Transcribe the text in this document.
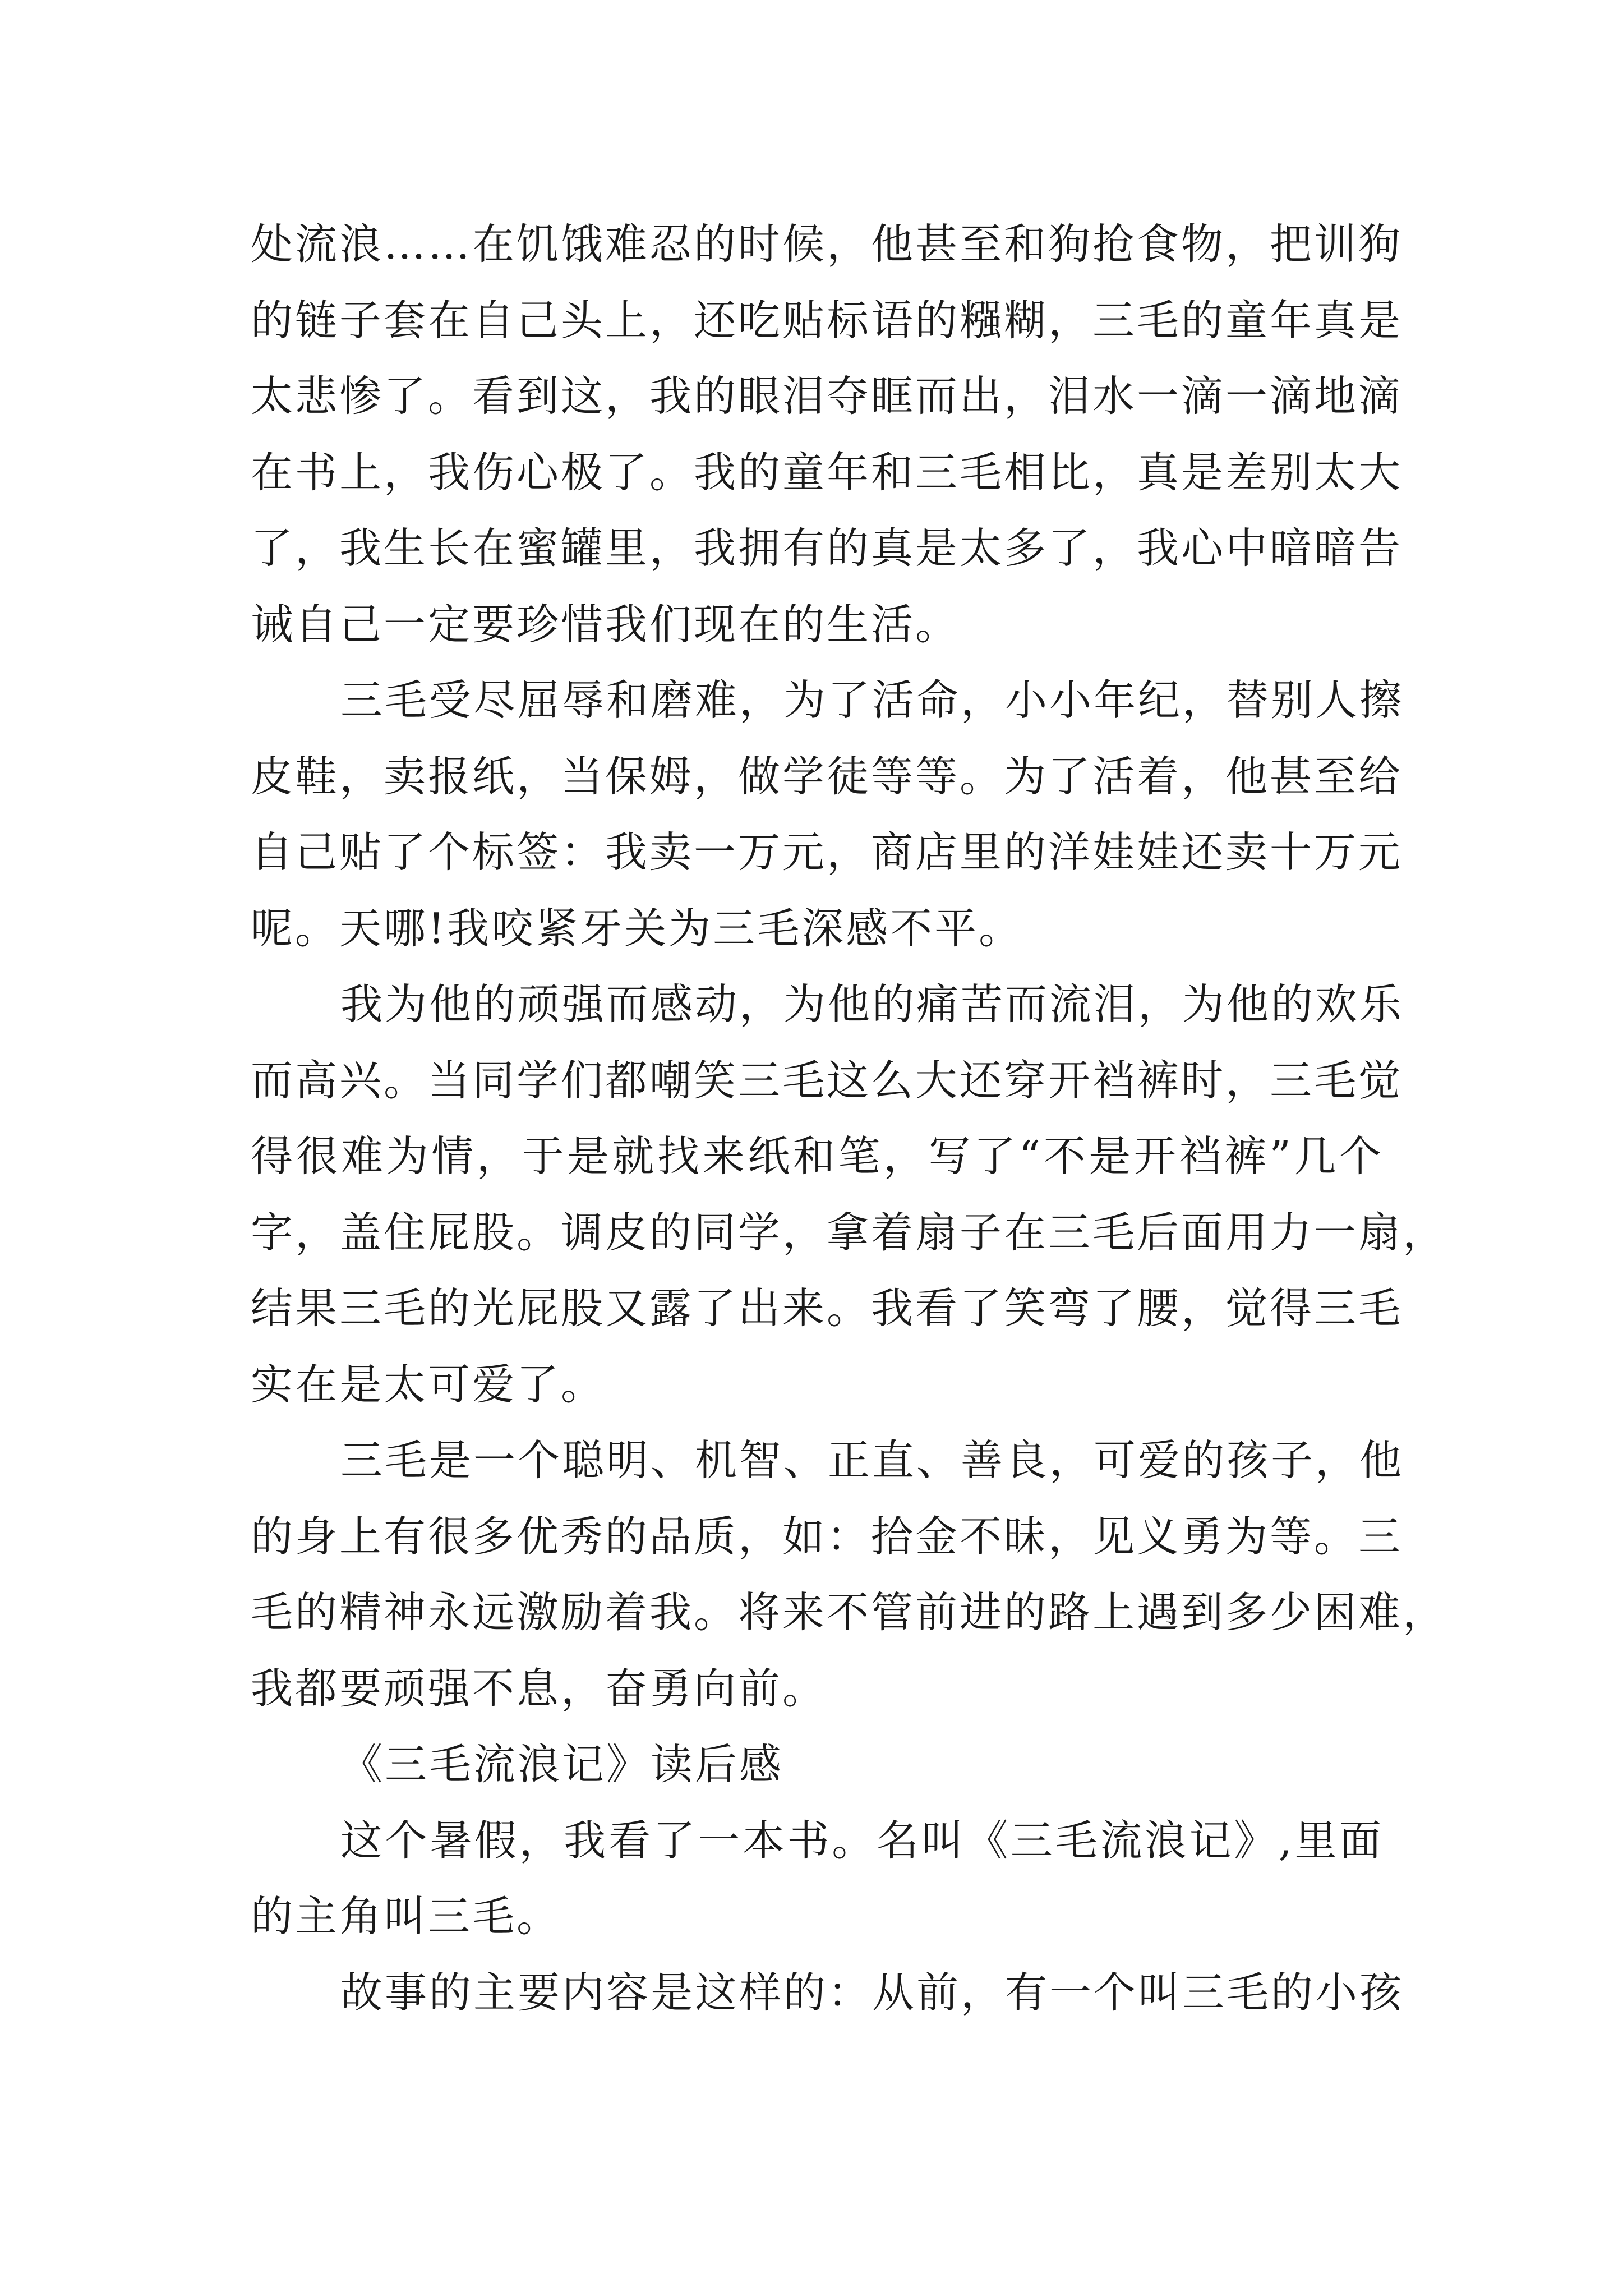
处流浪……在饥饿难忍的时候，他甚至和狗抢食物，把训狗
的链子套在自己头上，还吃贴标语的糨糊，三毛的童年真是
太悲惨了。看到这，我的眼泪夺眶而出，泪水一滴一滴地滴
在书上，我伤心极了。我的童年和三毛相比，真是差别太大
了，我生长在蜜罐里，我拥有的真是太多了，我心中暗暗告
诫自己一定要珍惜我们现在的生活。
三毛受尽屈辱和磨难，为了活命，小小年纪，替别人擦
皮鞋，卖报纸，当保姆，做学徒等等。为了活着，他甚至给
自己贴了个标签：我卖一万元，商店里的洋娃娃还卖十万元
呢。天哪!我咬紧牙关为三毛深感不平。
我为他的顽强而感动，为他的痛苦而流泪，为他的欢乐
而高兴。当同学们都嘲笑三毛这么大还穿开裆裤时，三毛觉
得很难为情，于是就找来纸和笔，写了“不是开裆裤”几个
字，盖住屁股。调皮的同学，拿着扇子在三毛后面用力一扇，
结果三毛的光屁股又露了出来。我看了笑弯了腰，觉得三毛
实在是太可爱了。
三毛是一个聪明、机智、正直、善良，可爱的孩子，他
的身上有很多优秀的品质，如：拾金不昧，见义勇为等。三
毛的精神永远激励着我。将来不管前进的路上遇到多少困难，
我都要顽强不息，奋勇向前。
《三毛流浪记》读后感
这个暑假，我看了一本书。名叫《三毛流浪记》,里面
的主角叫三毛。
故事的主要内容是这样的：从前，有一个叫三毛的小孩
